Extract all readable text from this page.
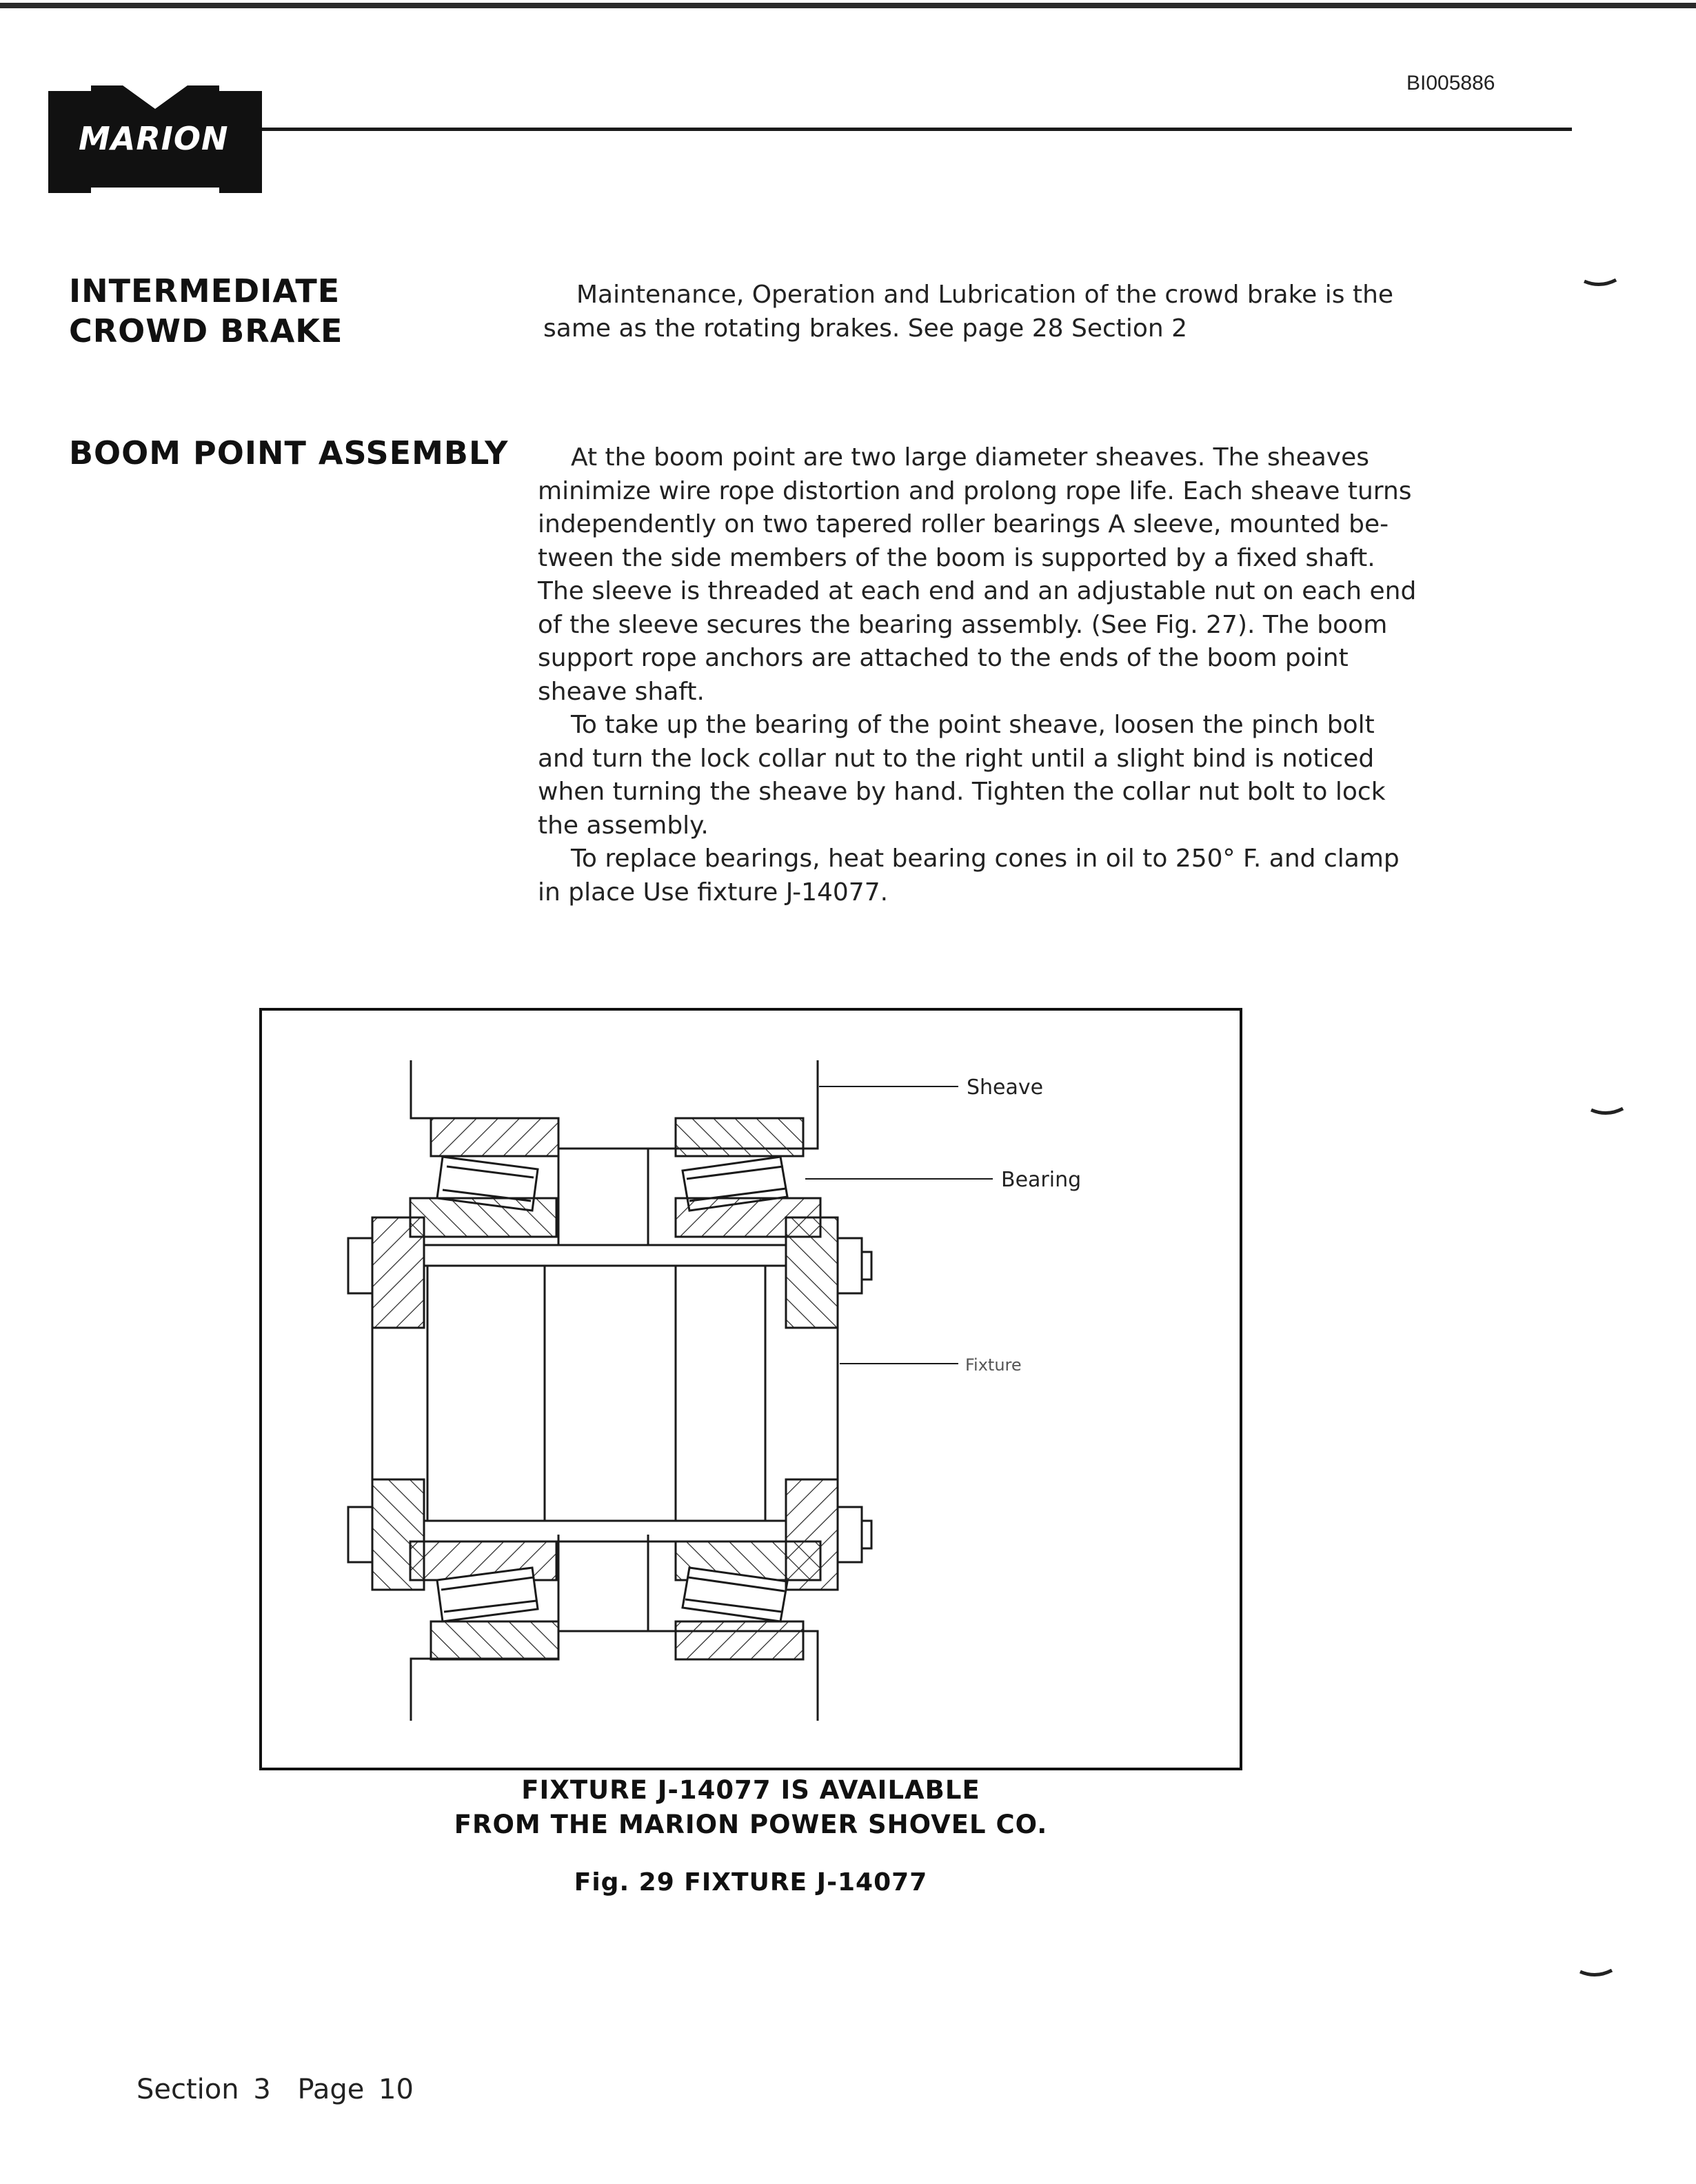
BI005886
MARION
INTERMEDIATE
CROWD BRAKE

Maintenance, Operation and Lubrication of the crowd brake is the
same as the rotating brakes. See page 28 Section 2

BOOM POINT ASSEMBLY	At the boom point are two large diameter sheaves. The sheaves
minimize wire rope distortion and prolong rope life. Each sheave turns
independently on two tapered roller bearings A sleeve, mounted be-
tween the side members of the boom is supported by a fixed shaft.
The sleeve is threaded at each end and an adjustable nut on each end
of the sleeve secures the bearing assembly. (See Fig. 27). The boom
support rope anchors are attached to the ends of the boom point
sheave shaft.
To take up the bearing of the point sheave, loosen the pinch bolt
and turn the lock collar nut to the right until a slight bind is noticed
when turning the sheave by hand. Tighten the collar nut bolt to lock
the assembly.
To replace bearings, heat bearing cones in oil to 250° F. and clamp
in place Use fixture J-14077.
Sheave
Bearing
Fixture
FIXTURE J-14077 IS AVAILABLE
FROM THE MARION POWER SHOVEL CO.
Fig. 29 FIXTURE J-14077
Section 3 Page 10
